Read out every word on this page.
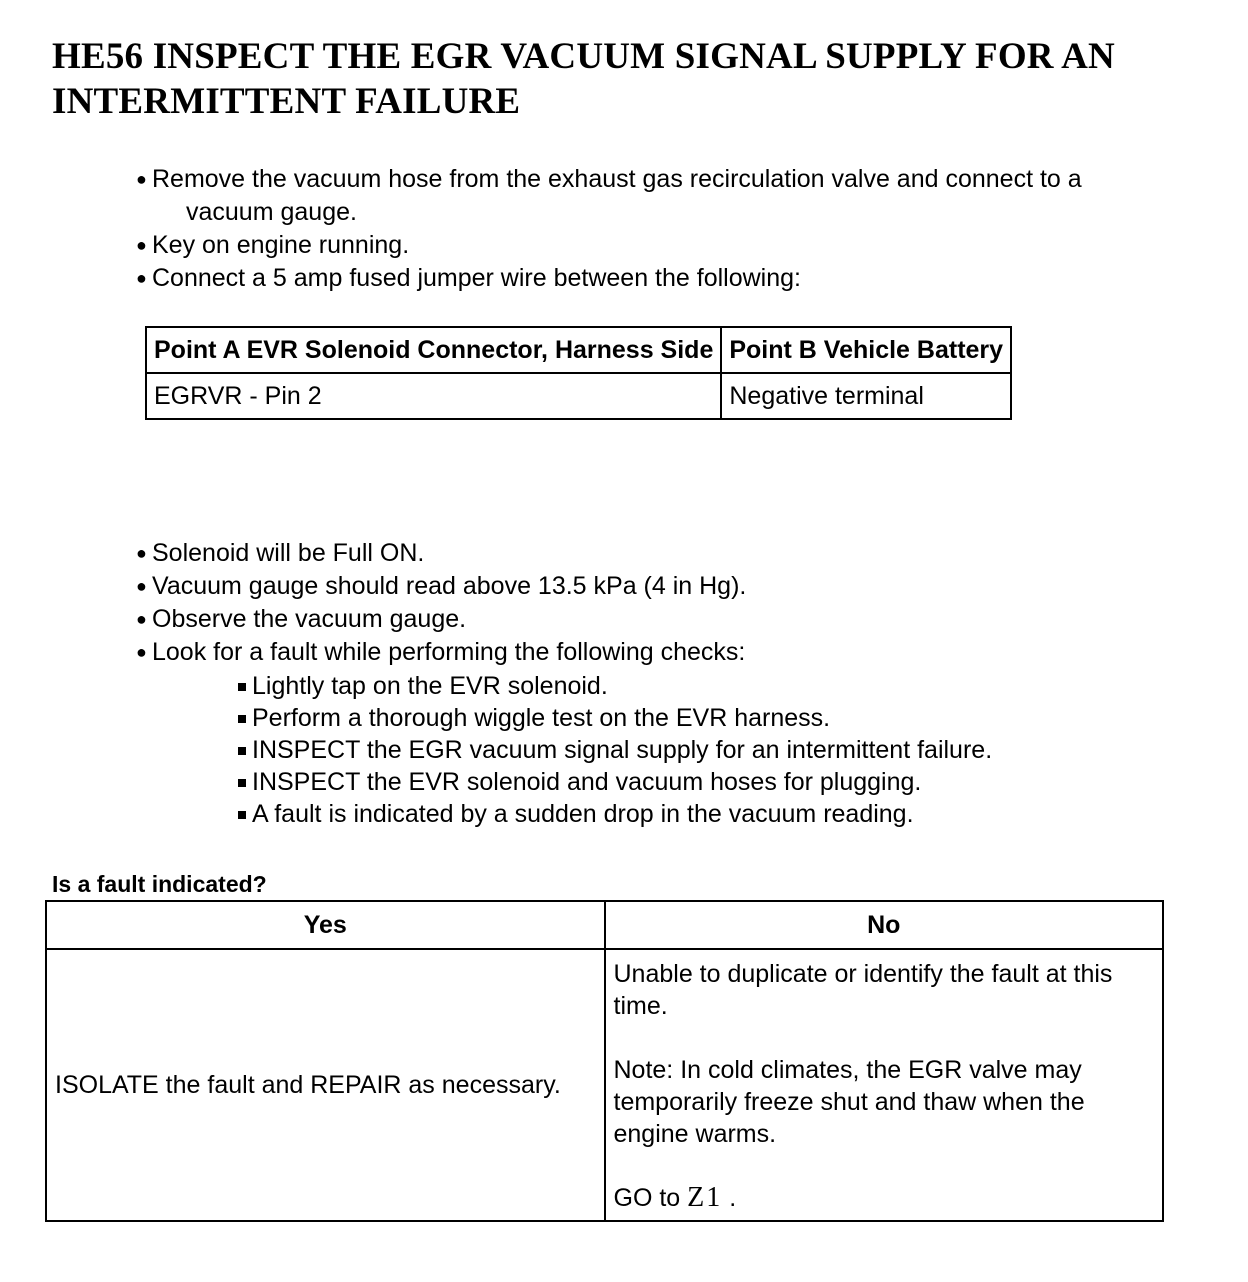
HE56 INSPECT THE EGR VACUUM SIGNAL SUPPLY FOR AN INTERMITTENT FAILURE
● Remove the vacuum hose from the exhaust gas recirculation valve and connect to a
vacuum gauge.
● Key on engine running.
● Connect a 5 amp fused jumper wire between the following:
Point A EVR Solenoid Connector, Harness Side	Point B Vehicle Battery
EGRVR - Pin 2	Negative terminal
● Solenoid will be Full ON.
● Vacuum gauge should read above 13.5 kPa (4 in Hg).
● Observe the vacuum gauge.
● Look for a fault while performing the following checks:
Lightly tap on the EVR solenoid.
Perform a thorough wiggle test on the EVR harness.
INSPECT the EGR vacuum signal supply for an intermittent failure.
INSPECT the EVR solenoid and vacuum hoses for plugging.
A fault is indicated by a sudden drop in the vacuum reading.

Is a fault indicated?

Yes	No
ISOLATE the fault and REPAIR as necessary.	Unable to duplicate or identify the fault at this time.

Note: In cold climates, the EGR valve may temporarily freeze shut and thaw when the engine warms.

GO to Z1 .
